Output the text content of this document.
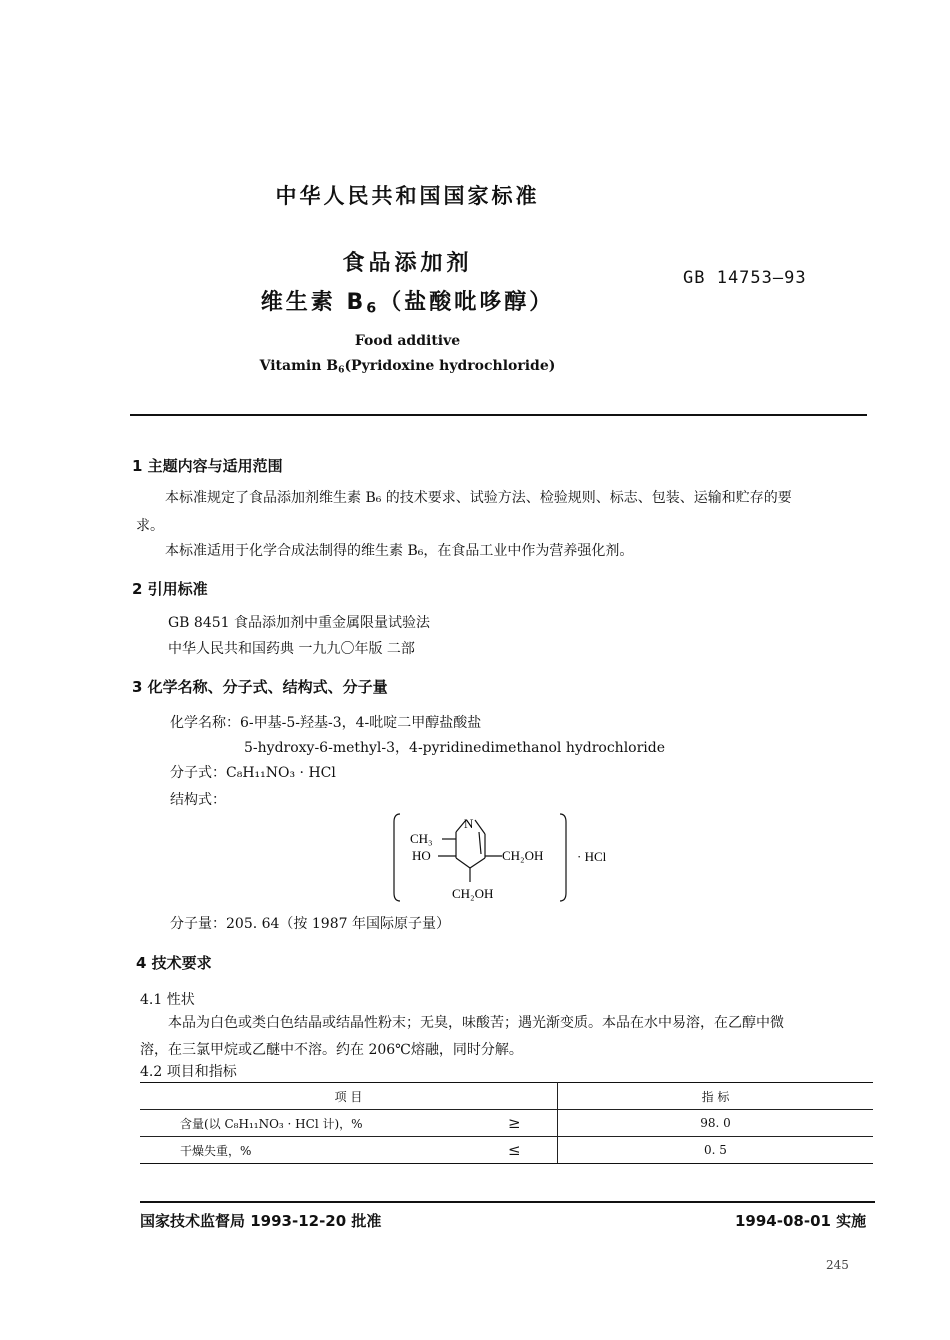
中华人民共和国国家标准
食品添加剂
维生素 $B_6$（盐酸吡哆醇）
GB 14753—93
Food additive
Vitamin $B_6(Pyridoxine$ hydrochloride)
1 主题内容与适用范围
本标准规定了食品添加剂维生素 B₆ 的技术要求、试验方法、检验规则、标志、包装、运输和贮存的要
求。
本标准适用于化学合成法制得的维生素 B₆，在食品工业中作为营养强化剂。
2 引用标准
GB 8451 食品添加剂中重金属限量试验法
中华人民共和国药典 一九九〇年版 二部
3 化学名称、分子式、结构式、分子量
化学名称：6-甲基-5-羟基-3，4-吡啶二甲醇盐酸盐
5-hydroxy-6-methyl-3，4-pyridinedimethanol hydrochloride
分子式：C₈H₁₁NO₃ · HCl
结构式：
N
CH₃
HO	CH₂OH
CH₂OH
· HCl
分子量：205. 64（按 1987 年国际原子量）
4 技术要求
4.1 性状
本品为白色或类白色结晶或结晶性粉末；无臭，味酸苦；遇光渐变质。本品在水中易溶，在乙醇中微
溶，在三氯甲烷或乙醚中不溶。约在 206℃熔融，同时分解。
4.2 项目和指标
项 目		指 标
含量(以 C₈H₁₁NO₃ · HCl 计)，%	≥	98. 0
干燥失重，%	≤	0. 5
国家技术监督局 1993-12-20 批准	1994-08-01 实施
245
